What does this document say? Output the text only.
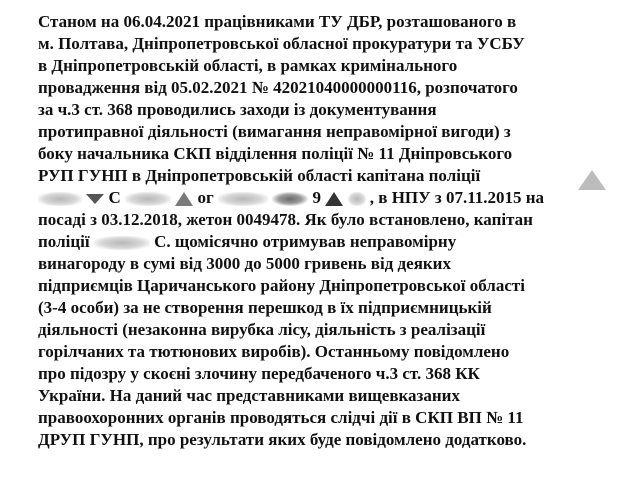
Станом на 06.04.2021 працівниками ТУ ДБР, розташованого в

м. Полтава, Дніпропетровської обласної прокуратури та УСБУ

в Дніпропетровській області, в рамках кримінального

провадження від 05.02.2021 № 42021040000000116, розпочатого

за ч.3 ст. 368 проводились заходи із документування

протиправної діяльності (вимагання неправомірної вигоди) з

боку начальника СКП відділення поліції № 11 Дніпровського

РУП ГУНП в Дніпропетровській області капітана поліції

С	ог	9	, в НПУ з 07.11.2015 на

посаді з 03.12.2018, жетон 0049478. Як було встановлено, капітан

поліції	С. щомісячно отримував неправомірну

винагороду в сумі від 3000 до 5000 гривень від деяких

підприємців Царичанського району Дніпропетровської області

(3-4 особи) за не створення перешкод в їх підприємницькій

діяльності (незаконна вирубка лісу, діяльність з реалізації

горілчаних та тютюнових виробів). Останньому повідомлено

про підозру у скоєні злочину передбаченого ч.3 ст. 368 КК

України. На даний час представниками вищевказаних

правоохоронних органів проводяться слідчі дії в СКП ВП № 11

ДРУП ГУНП, про результати яких буде повідомлено додатково.
